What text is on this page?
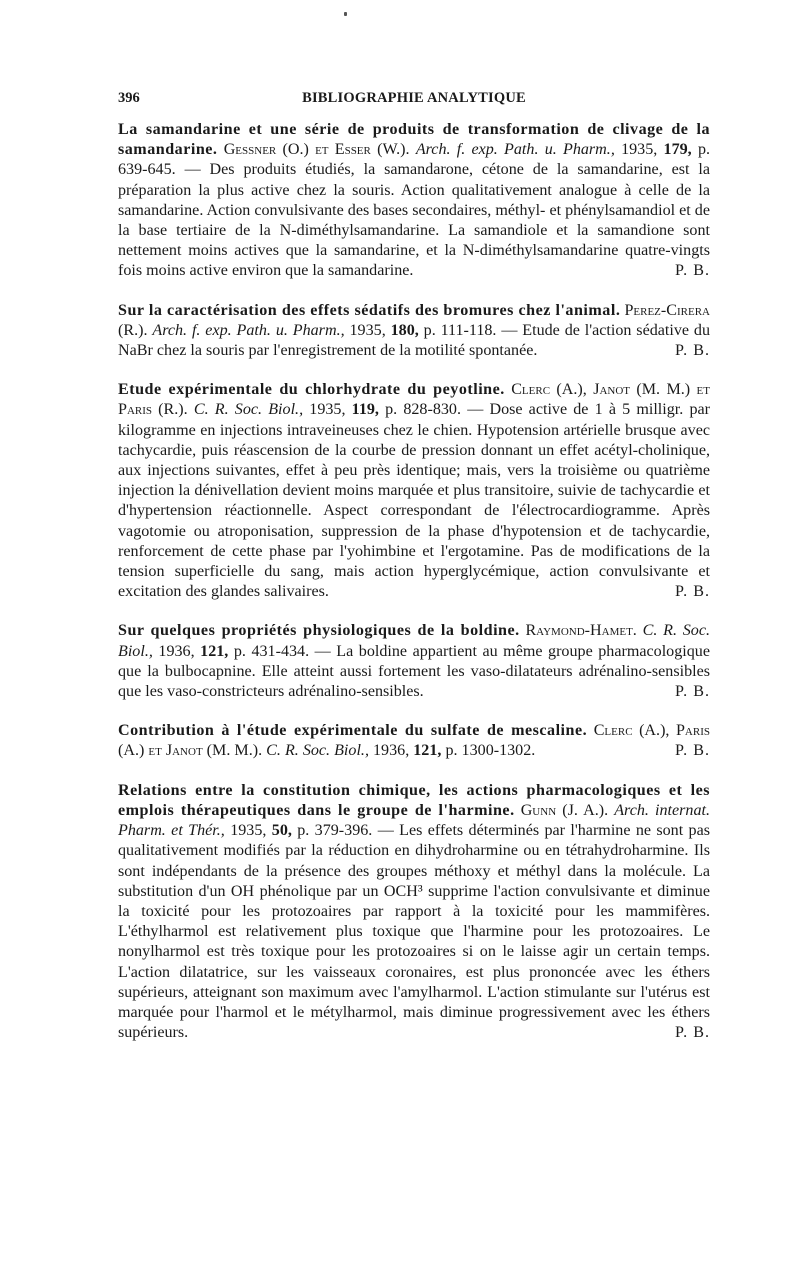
396	BIBLIOGRAPHIE ANALYTIQUE

La samandarine et une série de produits de transformation de clivage de la samandarine. Gessner (O.) et Esser (W.). Arch. f. exp. Path. u. Pharm., 1935, 179, p. 639-645. — Des produits étudiés, la samandarone, cétone de la samandarine, est la préparation la plus active chez la souris. Action qualitativement analogue à celle de la samandarine. Action convulsivante des bases secondaires, méthyl- et phénylsamandiol et de la base tertiaire de la N-diméthylsamandarine. La samandiole et la samandione sont nettement moins actives que la samandarine, et la N-diméthylsamandarine quatre-vingts fois moins active environ que la samandarine.	P. B.

Sur la caractérisation des effets sédatifs des bromures chez l'animal. Perez-Cirera (R.). Arch. f. exp. Path. u. Pharm., 1935, 180, p. 111-118. — Etude de l'action sédative du NaBr chez la souris par l'enregistrement de la motilité spontanée.	P. B.

Etude expérimentale du chlorhydrate du peyotline. Clerc (A.), Janot (M. M.) et Paris (R.). C. R. Soc. Biol., 1935, 119, p. 828-830. — Dose active de 1 à 5 milligr. par kilogramme en injections intraveineuses chez le chien. Hypotension artérielle brusque avec tachycardie, puis réascension de la courbe de pression donnant un effet acétyl-cholinique, aux injections suivantes, effet à peu près identique; mais, vers la troisième ou quatrième injection la dénivellation devient moins marquée et plus transitoire, suivie de tachycardie et d'hypertension réactionnelle. Aspect correspondant de l'électrocardiogramme. Après vagotomie ou atroponisation, suppression de la phase d'hypotension et de tachycardie, renforcement de cette phase par l'yohimbine et l'ergotamine. Pas de modifications de la tension superficielle du sang, mais action hyperglycémique, action convulsivante et excitation des glandes salivaires.	P. B.

Sur quelques propriétés physiologiques de la boldine. Raymond-Hamet. C. R. Soc. Biol., 1936, 121, p. 431-434. — La boldine appartient au même groupe pharmacologique que la bulbocapnine. Elle atteint aussi fortement les vaso-dilatateurs adrénalino-sensibles que les vaso-constricteurs adrénalino-sensibles.	P. B.

Contribution à l'étude expérimentale du sulfate de mescaline. Clerc (A.), Paris (A.) et Janot (M. M.). C. R. Soc. Biol., 1936, 121, p. 1300-1302.	P. B.

Relations entre la constitution chimique, les actions pharmacologiques et les emplois thérapeutiques dans le groupe de l'harmine. Gunn (J. A.). Arch. internat. Pharm. et Thér., 1935, 50, p. 379-396. — Les effets déterminés par l'harmine ne sont pas qualitativement modifiés par la réduction en dihydroharmine ou en tétrahydroharmine. Ils sont indépendants de la présence des groupes méthoxy et méthyl dans la molécule. La substitution d'un OH phénolique par un OCH³ supprime l'action convulsivante et diminue la toxicité pour les protozoaires par rapport à la toxicité pour les mammifères. L'éthylharmol est relativement plus toxique que l'harmine pour les protozoaires. Le nonylharmol est très toxique pour les protozoaires si on le laisse agir un certain temps. L'action dilatatrice, sur les vaisseaux coronaires, est plus prononcée avec les éthers supérieurs, atteignant son maximum avec l'amylharmol. L'action stimulante sur l'utérus est marquée pour l'harmol et le métylharmol, mais diminue progressivement avec les éthers supérieurs.	P. B.
